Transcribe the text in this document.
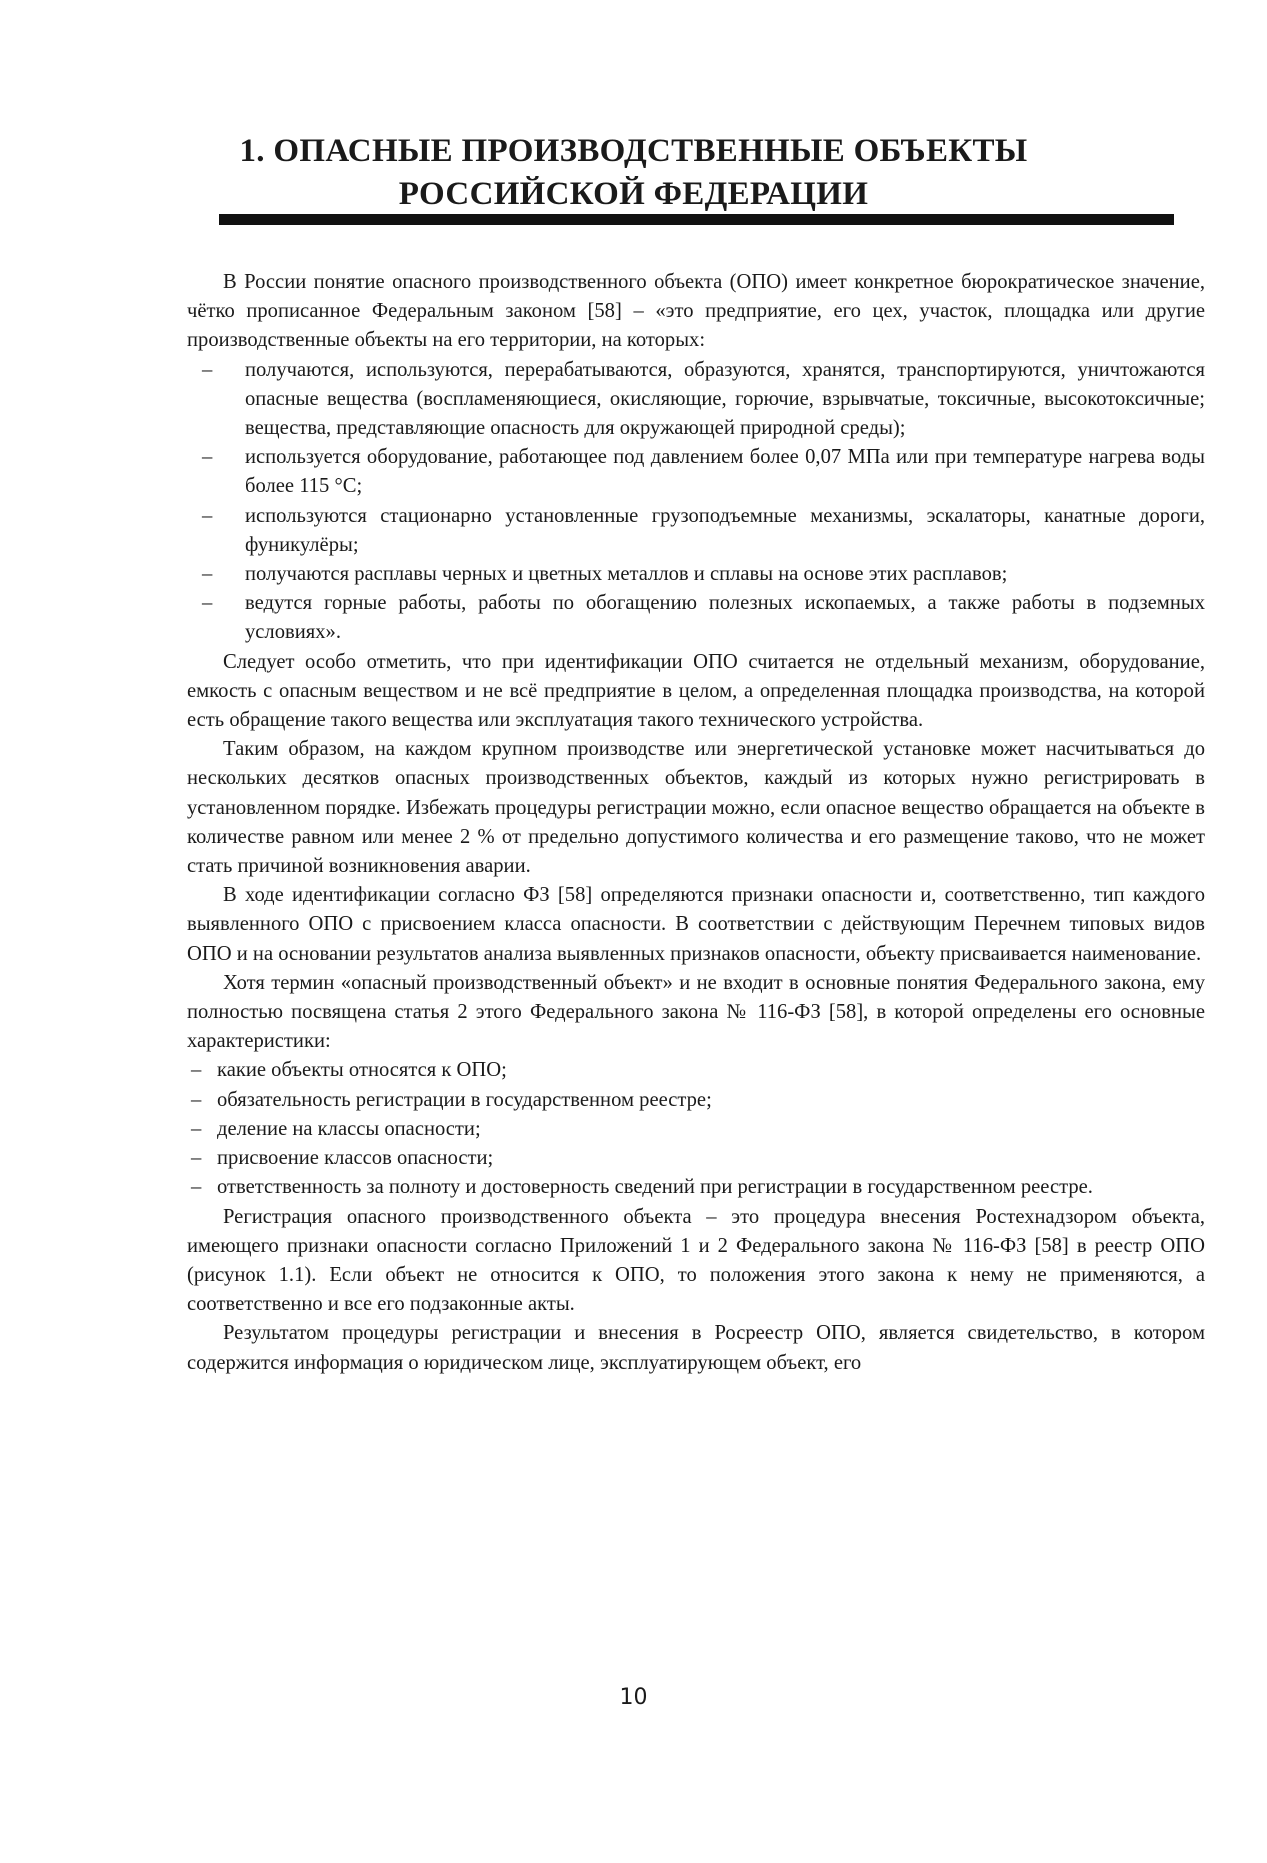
1. ОПАСНЫЕ ПРОИЗВОДСТВЕННЫЕ ОБЪЕКТЫ
РОССИЙСКОЙ ФЕДЕРАЦИИ

В России понятие опасного производственного объекта (ОПО) имеет конкретное бюрократическое значение, чётко прописанное Федеральным законом [58] – «это предприятие, его цех, участок, площадка или другие производственные объекты на его территории, на которых:

– получаются, используются, перерабатываются, образуются, хранятся, транспортируются, уничтожаются опасные вещества (воспламеняющиеся, окисляющие, горючие, взрывчатые, токсичные, высокотоксичные; вещества, представляющие опасность для окружающей природной среды);
– используется оборудование, работающее под давлением более 0,07 МПа или при температуре нагрева воды более 115 °С;
– используются стационарно установленные грузоподъемные механизмы, эскалаторы, канатные дороги, фуникулёры;
– получаются расплавы черных и цветных металлов и сплавы на основе этих расплавов;
– ведутся горные работы, работы по обогащению полезных ископаемых, а также работы в подземных условиях».

Следует особо отметить, что при идентификации ОПО считается не отдельный механизм, оборудование, емкость с опасным веществом и не всё предприятие в целом, а определенная площадка производства, на которой есть обращение такого вещества или эксплуатация такого технического устройства.

Таким образом, на каждом крупном производстве или энергетической установке может насчитываться до нескольких десятков опасных производственных объектов, каждый из которых нужно регистрировать в установленном порядке. Избежать процедуры регистрации можно, если опасное вещество обращается на объекте в количестве равном или менее 2 % от предельно допустимого количества и его размещение таково, что не может стать причиной возникновения аварии.

В ходе идентификации согласно ФЗ [58] определяются признаки опасности и, соответственно, тип каждого выявленного ОПО с присвоением класса опасности. В соответствии с действующим Перечнем типовых видов ОПО и на основании результатов анализа выявленных признаков опасности, объекту присваивается наименование.

Хотя термин «опасный производственный объект» и не входит в основные понятия Федерального закона, ему полностью посвящена статья 2 этого Федерального закона № 116-ФЗ [58], в которой определены его основные характеристики:

– какие объекты относятся к ОПО;
– обязательность регистрации в государственном реестре;
– деление на классы опасности;
– присвоение классов опасности;
– ответственность за полноту и достоверность сведений при регистрации в государственном реестре.

Регистрация опасного производственного объекта – это процедура внесения Ростехнадзором объекта, имеющего признаки опасности согласно Приложений 1 и 2 Федерального закона № 116-ФЗ [58] в реестр ОПО (рисунок 1.1). Если объект не относится к ОПО, то положения этого закона к нему не применяются, а соответственно и все его подзаконные акты.

Результатом процедуры регистрации и внесения в Росреестр ОПО, является свидетельство, в котором содержится информация о юридическом лице, эксплуатирующем объект, его

10
